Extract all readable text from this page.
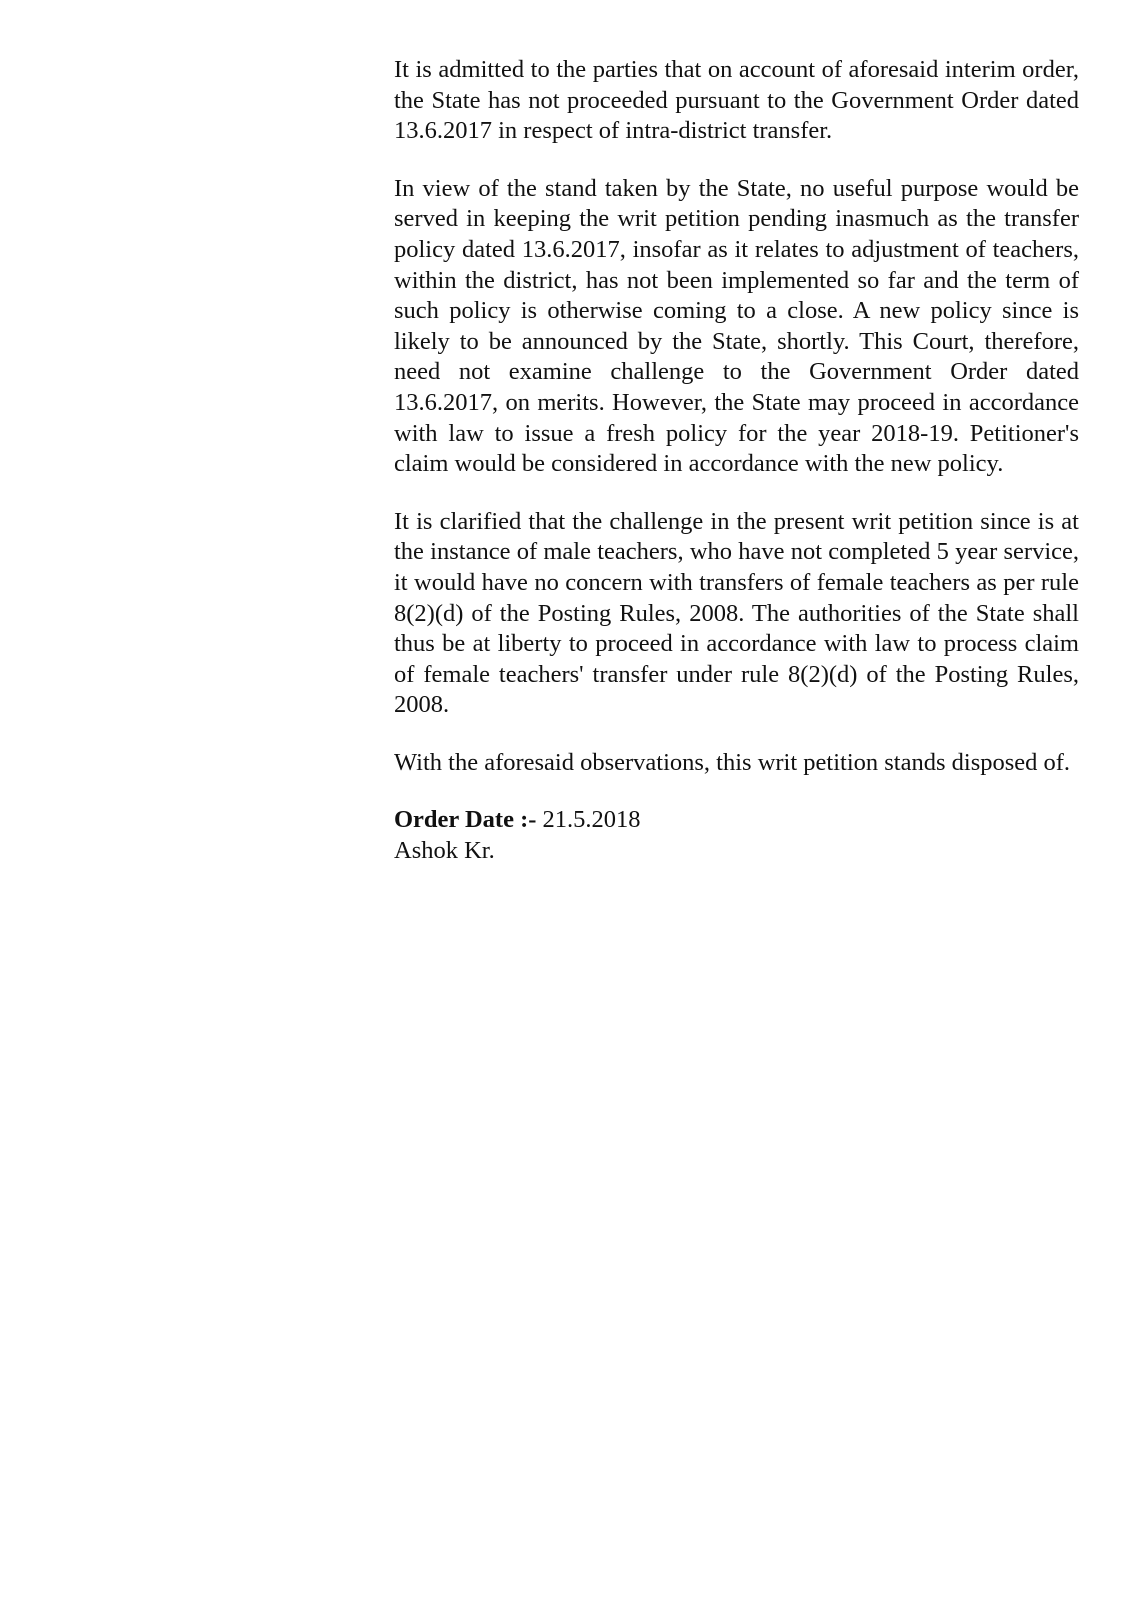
It is admitted to the parties that on account of aforesaid interim order, the State has not proceeded pursuant to the Government Order dated 13.6.2017 in respect of intra-district transfer.

In view of the stand taken by the State, no useful purpose would be served in keeping the writ petition pending inasmuch as the transfer policy dated 13.6.2017, insofar as it relates to adjustment of teachers, within the district, has not been implemented so far and the term of such policy is otherwise coming to a close. A new policy since is likely to be announced by the State, shortly. This Court, therefore, need not examine challenge to the Government Order dated 13.6.2017, on merits. However, the State may proceed in accordance with law to issue a fresh policy for the year 2018-19. Petitioner's claim would be considered in accordance with the new policy.

It is clarified that the challenge in the present writ petition since is at the instance of male teachers, who have not completed 5 year service, it would have no concern with transfers of female teachers as per rule 8(2)(d) of the Posting Rules, 2008. The authorities of the State shall thus be at liberty to proceed in accordance with law to process claim of female teachers' transfer under rule 8(2)(d) of the Posting Rules, 2008.

With the aforesaid observations, this writ petition stands disposed of.

Order Date :- 21.5.2018

Ashok Kr.
